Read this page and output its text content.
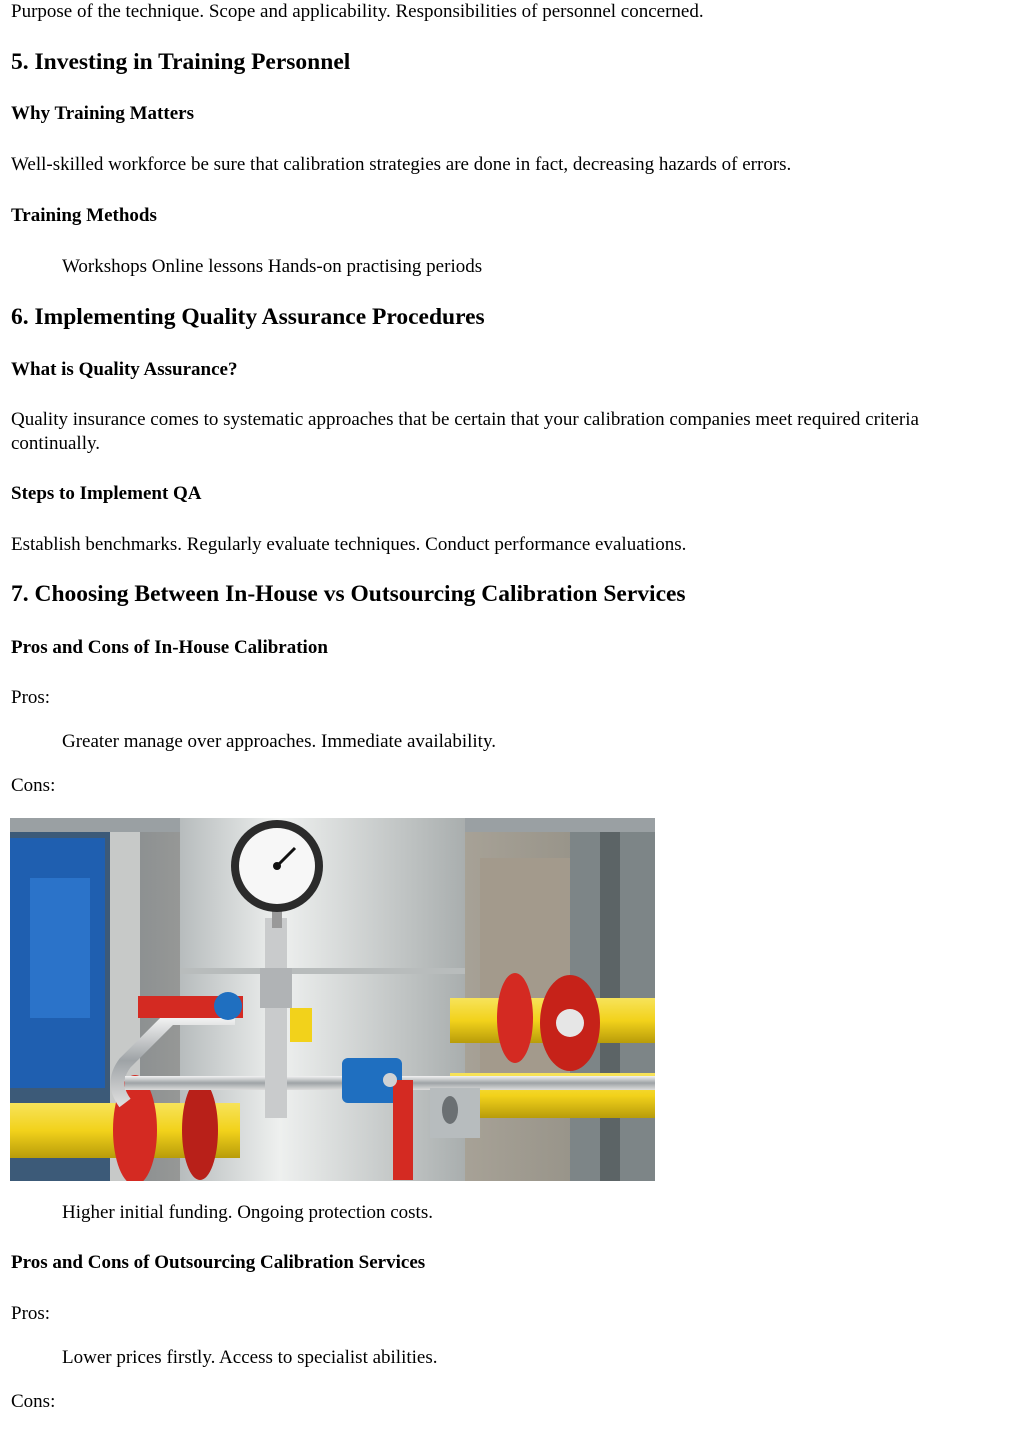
Purpose of the technique. Scope and applicability. Responsibilities of personnel concerned.

5. Investing in Training Personnel
Why Training Matters

Well-skilled workforce be sure that calibration strategies are done in fact, decreasing hazards of errors.

Training Methods

Workshops Online lessons Hands-on practising periods

6. Implementing Quality Assurance Procedures
What is Quality Assurance?

Quality insurance comes to systematic approaches that be certain that your calibration companies meet required criteria continually.

Steps to Implement QA

Establish benchmarks. Regularly evaluate techniques. Conduct performance evaluations.

7. Choosing Between In-House vs Outsourcing Calibration Services
Pros and Cons of In-House Calibration

Pros:

Greater manage over approaches. Immediate availability.

Cons:

Higher initial funding. Ongoing protection costs.

Pros and Cons of Outsourcing Calibration Services

Pros:

Lower prices firstly. Access to specialist abilities.

Cons:
